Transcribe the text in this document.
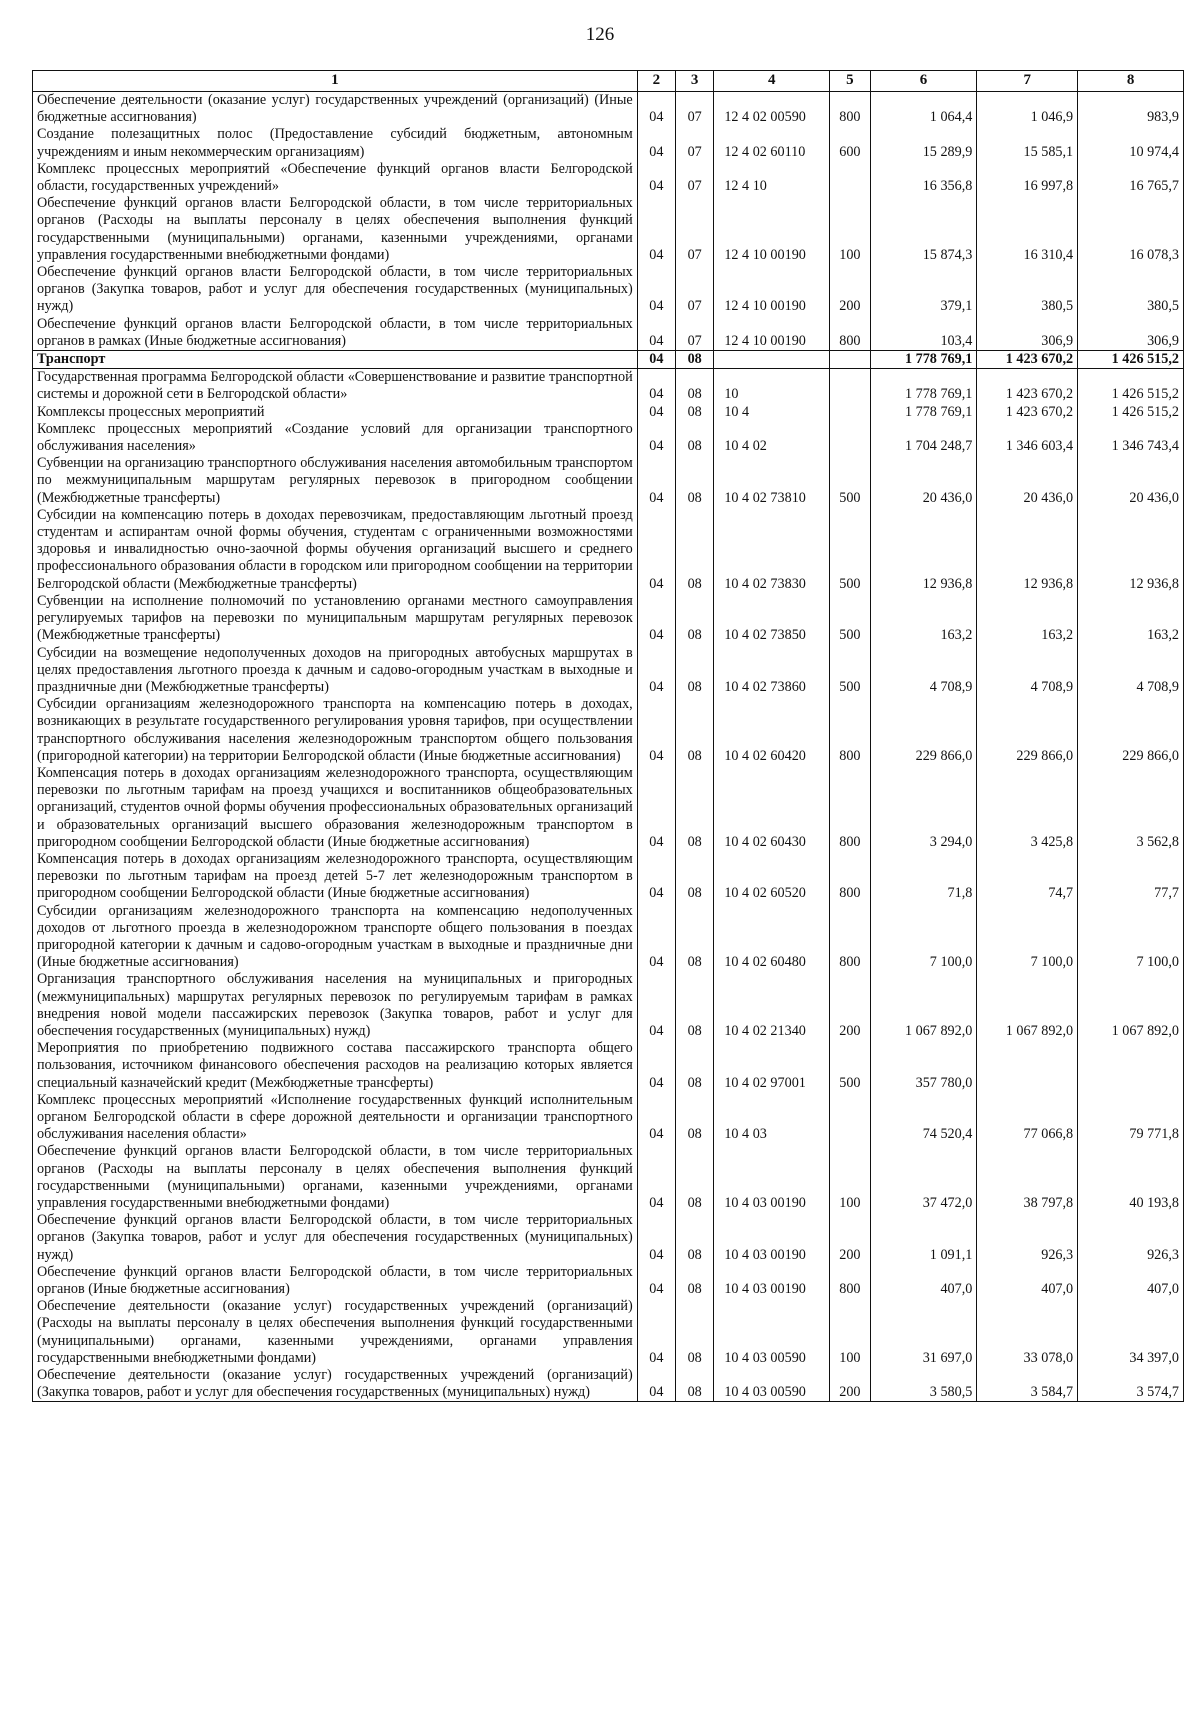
126
1	2	3	4	5	6	7	8
Обеспечение деятельности (оказание услуг) государственных учреждений (организаций) (Иные бюджетные ассигнования)	04	07	12 4 02 00590	800	1 064,4	1 046,9	983,9
Создание полезащитных полос (Предоставление субсидий бюджетным, автономным учреждениям и иным некоммерческим организациям)	04	07	12 4 02 60110	600	15 289,9	15 585,1	10 974,4
Комплекс процессных мероприятий «Обеспечение функций органов власти Белгородской области, государственных учреждений»	04	07	12 4 10		16 356,8	16 997,8	16 765,7
Обеспечение функций органов власти Белгородской области, в том числе территориальных органов (Расходы на выплаты персоналу в целях обеспечения выполнения функций государственными (муниципальными) органами, казенными учреждениями, органами управления государственными внебюджетными фондами)	04	07	12 4 10 00190	100	15 874,3	16 310,4	16 078,3
Обеспечение функций органов власти Белгородской области, в том числе территориальных органов (Закупка товаров, работ и услуг для обеспечения государственных (муниципальных) нужд)	04	07	12 4 10 00190	200	379,1	380,5	380,5
Обеспечение функций органов власти Белгородской области, в том числе территориальных органов в рамках (Иные бюджетные ассигнования)	04	07	12 4 10 00190	800	103,4	306,9	306,9
Транспорт	04	08			1 778 769,1	1 423 670,2	1 426 515,2
Государственная программа Белгородской области «Совершенствование и развитие транспортной системы и дорожной сети в Белгородской области»	04	08	10		1 778 769,1	1 423 670,2	1 426 515,2
Комплексы процессных мероприятий	04	08	10 4		1 778 769,1	1 423 670,2	1 426 515,2
Комплекс процессных мероприятий «Создание условий для организации транспортного обслуживания населения»	04	08	10 4 02		1 704 248,7	1 346 603,4	1 346 743,4
Субвенции на организацию транспортного обслуживания населения автомобильным транспортом по межмуниципальным маршрутам регулярных перевозок в пригородном сообщении (Межбюджетные трансферты)	04	08	10 4 02 73810	500	20 436,0	20 436,0	20 436,0
Субсидии на компенсацию потерь в доходах перевозчикам, предоставляющим льготный проезд студентам и аспирантам очной формы обучения, студентам с ограниченными возможностями здоровья и инвалидностью очно-заочной формы обучения организаций высшего и среднего профессионального образования области в городском или пригородном сообщении на территории Белгородской области (Межбюджетные трансферты)	04	08	10 4 02 73830	500	12 936,8	12 936,8	12 936,8
Субвенции на исполнение полномочий по установлению органами местного самоуправления регулируемых тарифов на перевозки по муниципальным маршрутам регулярных перевозок (Межбюджетные трансферты)	04	08	10 4 02 73850	500	163,2	163,2	163,2
Субсидии на возмещение недополученных доходов на пригородных автобусных маршрутах в целях предоставления льготного проезда к дачным и садово-огородным участкам в выходные и праздничные дни (Межбюджетные трансферты)	04	08	10 4 02 73860	500	4 708,9	4 708,9	4 708,9
Субсидии организациям железнодорожного транспорта на компенсацию потерь в доходах, возникающих в результате государственного регулирования уровня тарифов, при осуществлении транспортного обслуживания населения железнодорожным транспортом общего пользования (пригородной категории) на территории Белгородской области (Иные бюджетные ассигнования)	04	08	10 4 02 60420	800	229 866,0	229 866,0	229 866,0
Компенсация потерь в доходах организациям железнодорожного транспорта, осуществляющим перевозки по льготным тарифам на проезд учащихся и воспитанников общеобразовательных организаций, студентов очной формы обучения профессиональных образовательных организаций и образовательных организаций высшего образования железнодорожным транспортом в пригородном сообщении Белгородской области (Иные бюджетные ассигнования)	04	08	10 4 02 60430	800	3 294,0	3 425,8	3 562,8
Компенсация потерь в доходах организациям железнодорожного транспорта, осуществляющим перевозки по льготным тарифам на проезд детей 5-7 лет железнодорожным транспортом в пригородном сообщении Белгородской области (Иные бюджетные ассигнования)	04	08	10 4 02 60520	800	71,8	74,7	77,7
Субсидии организациям железнодорожного транспорта на компенсацию недополученных доходов от льготного проезда в железнодорожном транспорте общего пользования в поездах пригородной категории к дачным и садово-огородным участкам в выходные и праздничные дни (Иные бюджетные ассигнования)	04	08	10 4 02 60480	800	7 100,0	7 100,0	7 100,0
Организация транспортного обслуживания населения на муниципальных и пригородных (межмуниципальных) маршрутах регулярных перевозок по регулируемым тарифам в рамках внедрения новой модели пассажирских перевозок (Закупка товаров, работ и услуг для обеспечения государственных (муниципальных) нужд)	04	08	10 4 02 21340	200	1 067 892,0	1 067 892,0	1 067 892,0
Мероприятия по приобретению подвижного состава пассажирского транспорта общего пользования, источником финансового обеспечения расходов на реализацию которых является специальный казначейский кредит (Межбюджетные трансферты)	04	08	10 4 02 97001	500	357 780,0		
Комплекс процессных мероприятий «Исполнение государственных функций исполнительным органом Белгородской области в сфере дорожной деятельности и организации транспортного обслуживания населения области»	04	08	10 4 03		74 520,4	77 066,8	79 771,8
Обеспечение функций органов власти Белгородской области, в том числе территориальных органов (Расходы на выплаты персоналу в целях обеспечения выполнения функций государственными (муниципальными) органами, казенными учреждениями, органами управления государственными внебюджетными фондами)	04	08	10 4 03 00190	100	37 472,0	38 797,8	40 193,8
Обеспечение функций органов власти Белгородской области, в том числе территориальных органов (Закупка товаров, работ и услуг для обеспечения государственных (муниципальных) нужд)	04	08	10 4 03 00190	200	1 091,1	926,3	926,3
Обеспечение функций органов власти Белгородской области, в том числе территориальных органов (Иные бюджетные ассигнования)	04	08	10 4 03 00190	800	407,0	407,0	407,0
Обеспечение деятельности (оказание услуг) государственных учреждений (организаций) (Расходы на выплаты персоналу в целях обеспечения выполнения функций государственными (муниципальными) органами, казенными учреждениями, органами управления государственными внебюджетными фондами)	04	08	10 4 03 00590	100	31 697,0	33 078,0	34 397,0
Обеспечение деятельности (оказание услуг) государственных учреждений (организаций) (Закупка товаров, работ и услуг для обеспечения государственных (муниципальных) нужд)	04	08	10 4 03 00590	200	3 580,5	3 584,7	3 574,7
